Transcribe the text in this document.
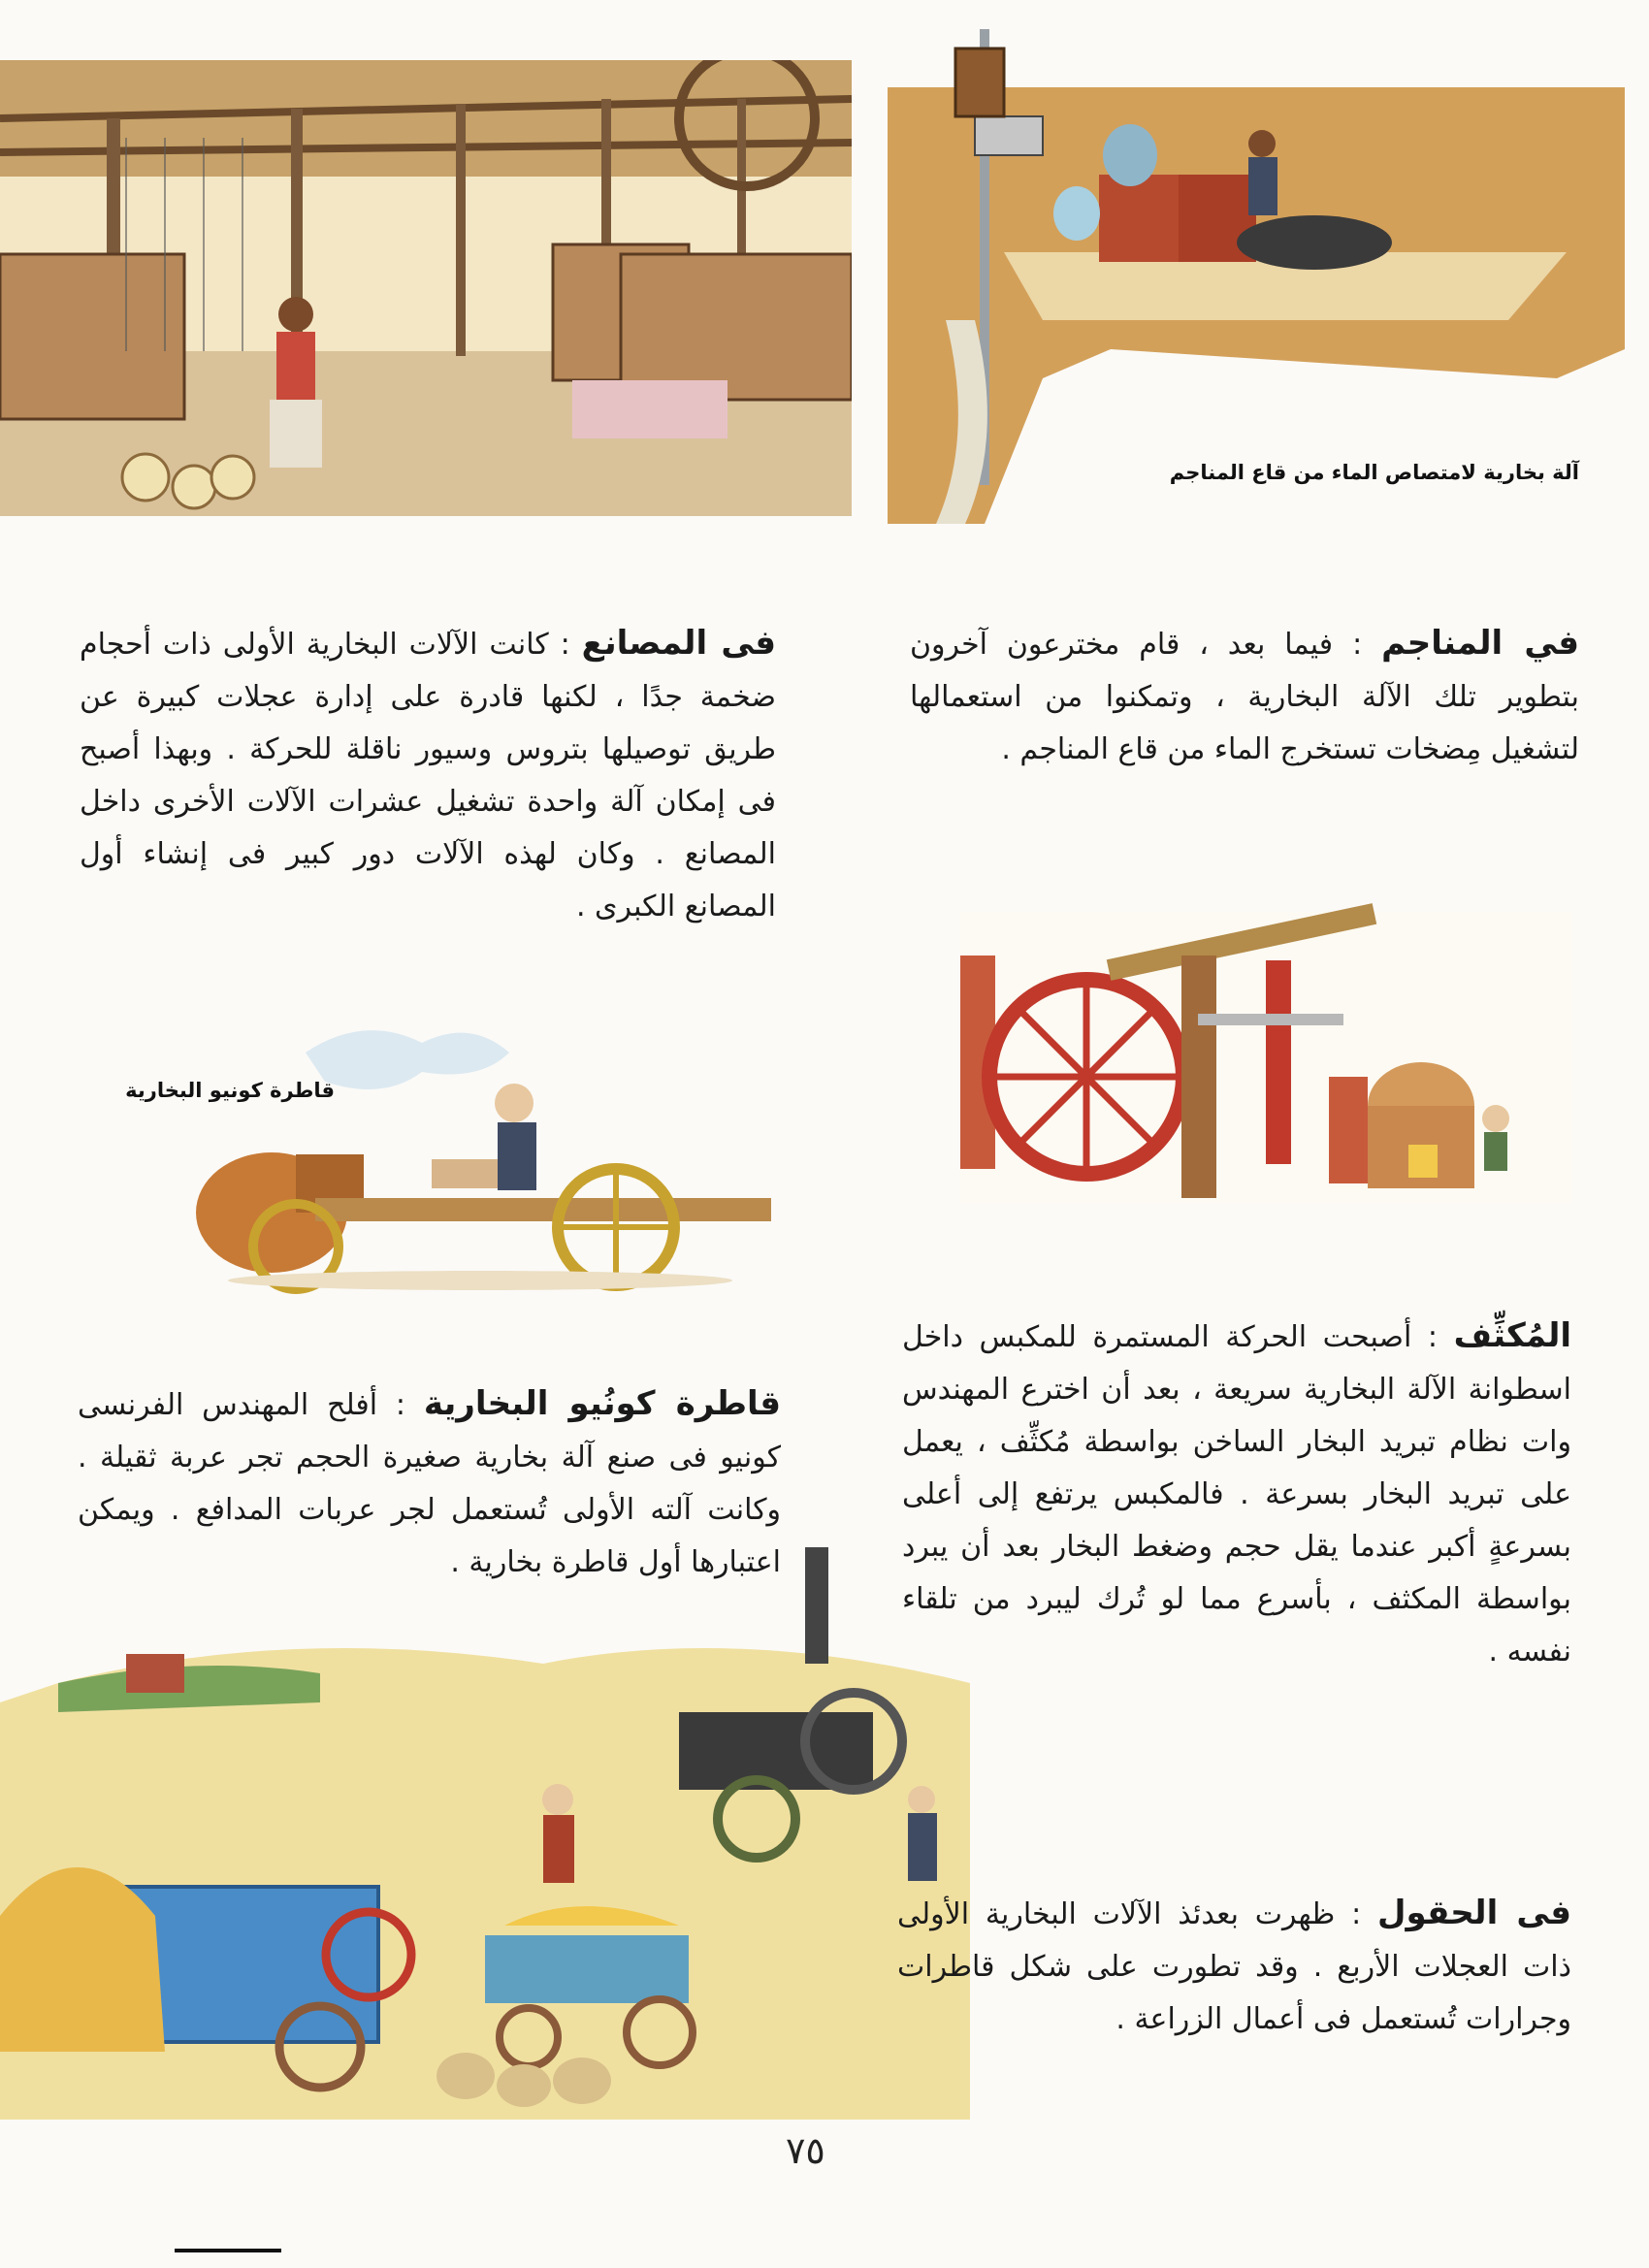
آلة بخارية لامتصاص الماء من قاع المناجم

في المناجم : فيما بعد ، قام مخترعون آخرون بتطوير تلك الآلة البخارية ، وتمكنوا من استعمالها لتشغيل مِضخات تستخرج الماء من قاع المناجم .

فى المصانع : كانت الآلات البخارية الأولى ذات أحجام ضخمة جدًا ، لكنها قادرة على إدارة عجلات كبيرة عن طريق توصيلها بتروس وسيور ناقلة للحركة . وبهذا أصبح فى إمكان آلة واحدة تشغيل عشرات الآلات الأخرى داخل المصانع . وكان لهذه الآلات دور كبير فى إنشاء أول المصانع الكبرى .

قاطرة كونيو البخارية

المُكثِّف : أصبحت الحركة المستمرة للمكبس داخل اسطوانة الآلة البخارية سريعة ، بعد أن اخترع المهندس وات نظام تبريد البخار الساخن بواسطة مُكثِّف ، يعمل على تبريد البخار بسرعة . فالمكبس يرتفع إلى أعلى بسرعةٍ أكبر عندما يقل حجم وضغط البخار بعد أن يبرد بواسطة المكثف ، بأسرع مما لو تُرك ليبرد من تلقاء نفسه .

قاطرة كونُيو البخارية : أفلح المهندس الفرنسى كونيو فى صنع آلة بخارية صغيرة الحجم تجر عربة ثقيلة . وكانت آلته الأولى تُستعمل لجر عربات المدافع . ويمكن اعتبارها أول قاطرة بخارية .

فى الحقول : ظهرت بعدئذ الآلات البخارية الأولى ذات العجلات الأربع . وقد تطورت على شكل قاطرات وجرارات تُستعمل فى أعمال الزراعة .

٧٥
